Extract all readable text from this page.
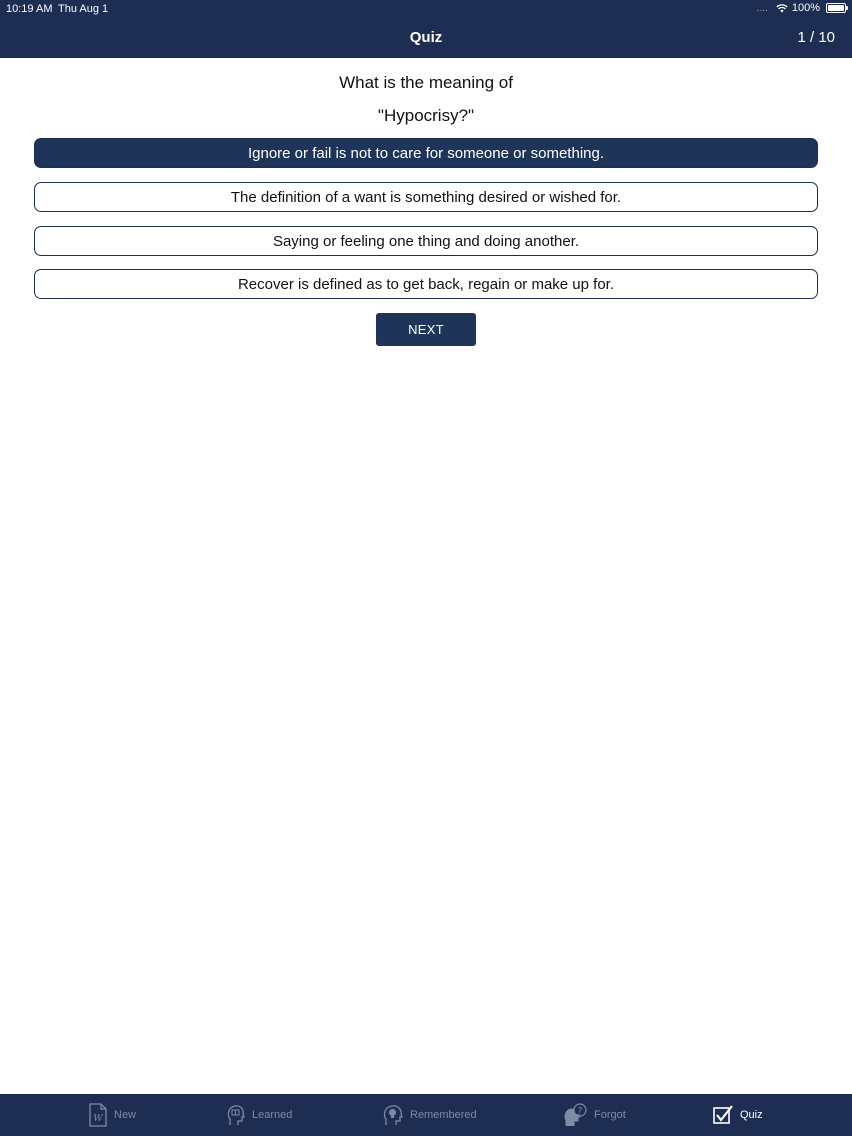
10:19 AM Thu Aug 1	.... 100%
Quiz	1 / 10
What is the meaning of
"Hypocrisy?"
Ignore or fail is not to care for someone or something.
The definition of a want is something desired or wished for.
Saying or feeling one thing and doing another.
Recover is defined as to get back, regain or make up for.
NEXT
W New	Learned	Remembered	? Forgot	Quiz
